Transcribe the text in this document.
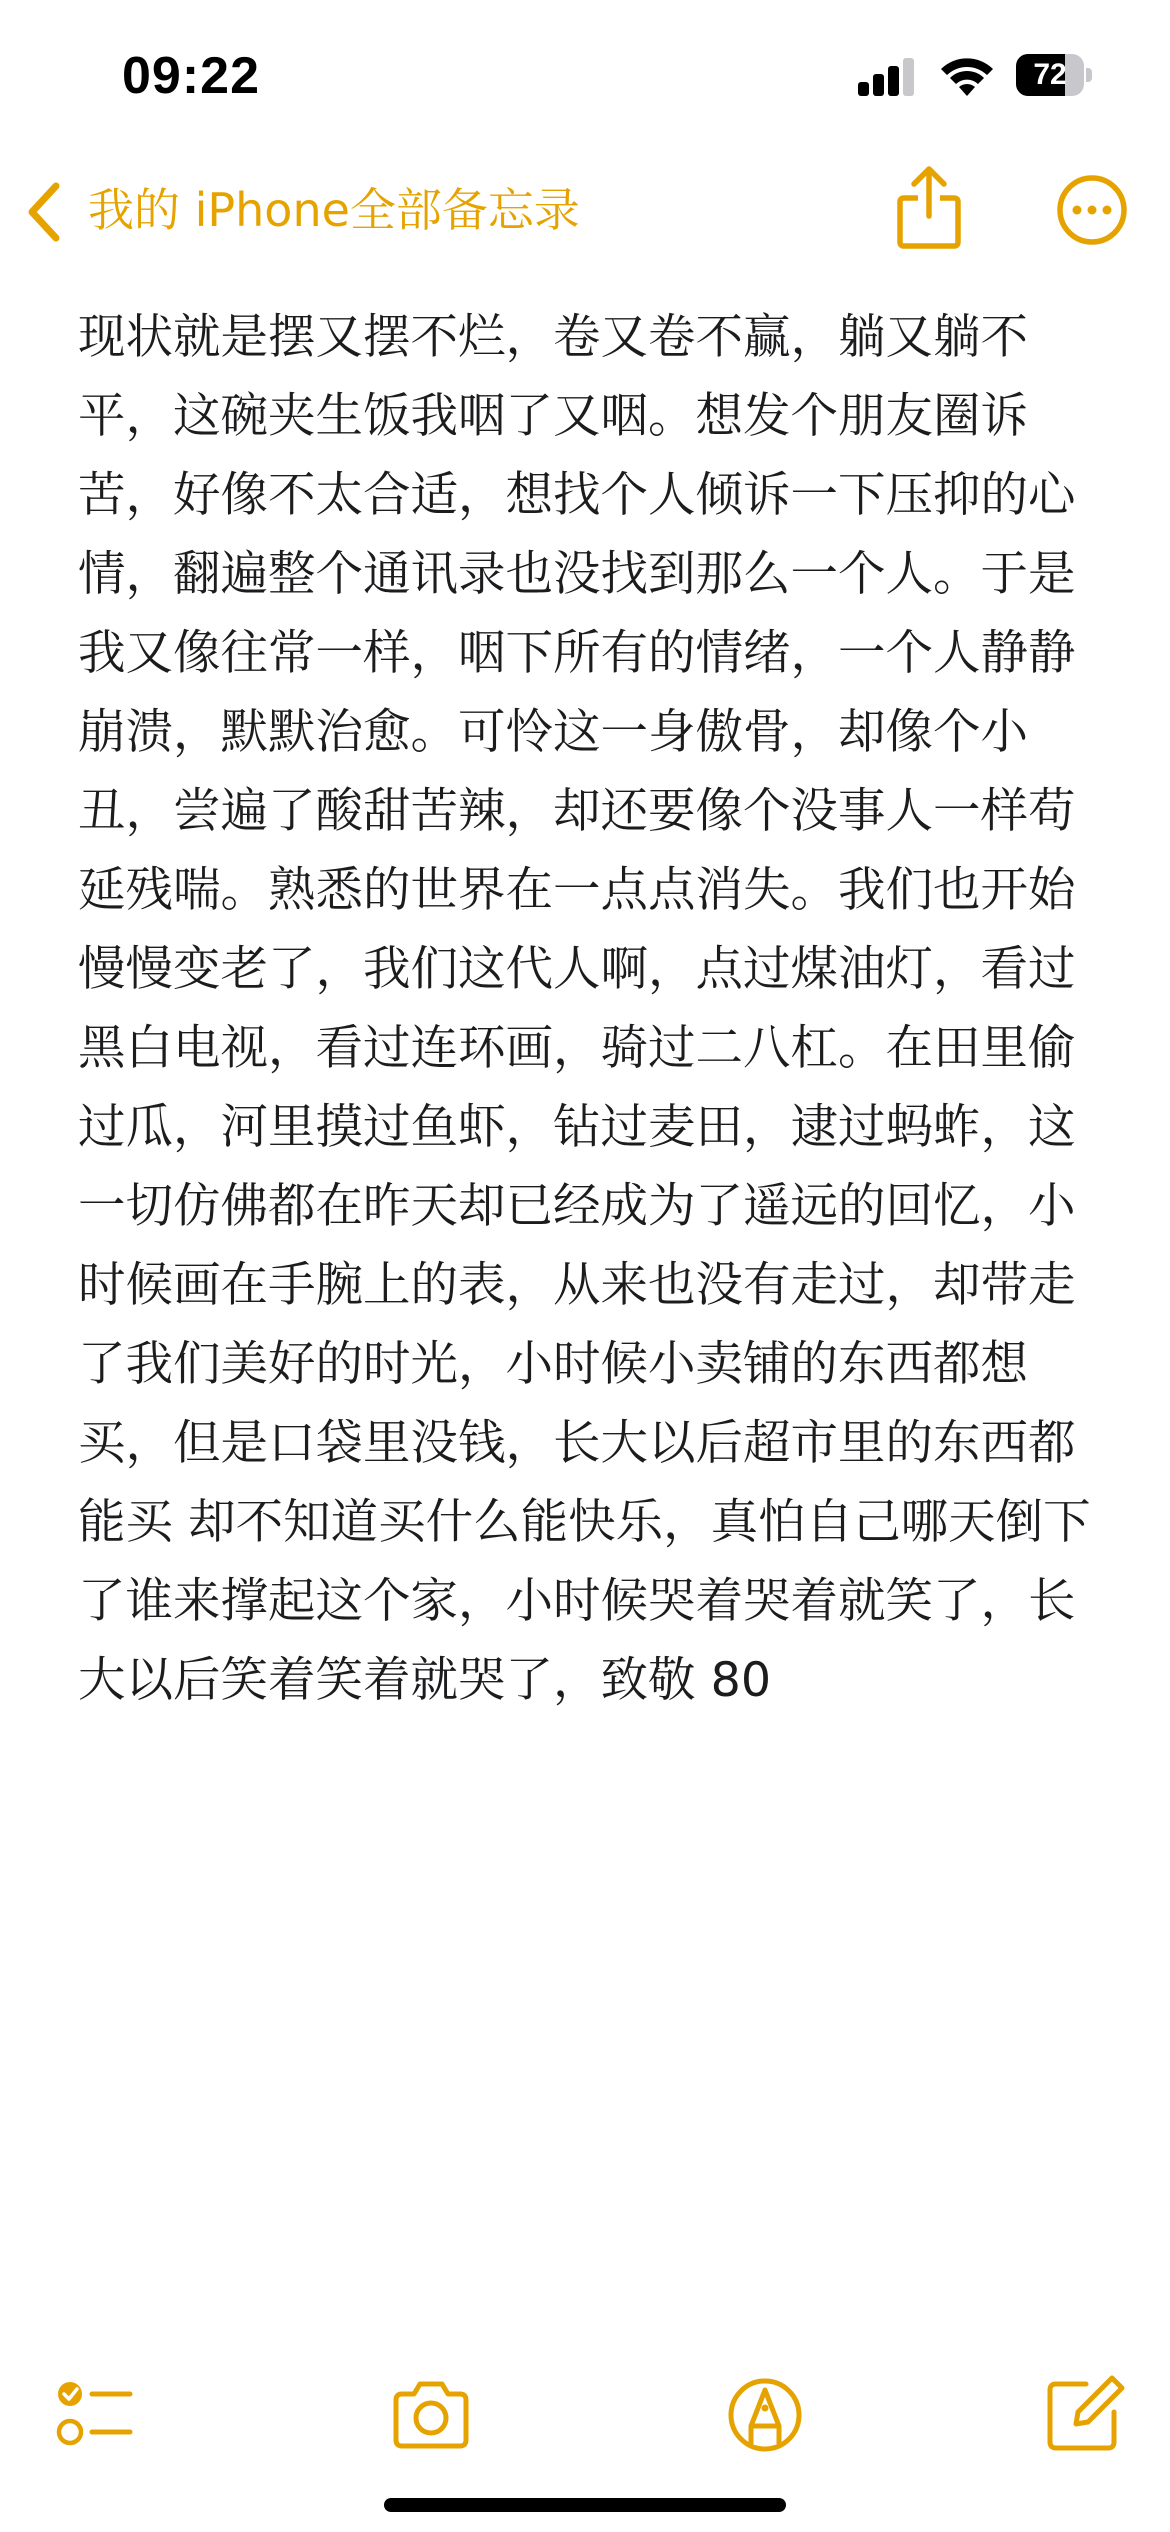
09:22	72
我的 iPhone全部备忘录
现状就是摆又摆不烂，卷又卷不赢，躺又躺不平，这碗夹生饭我咽了又咽。想发个朋友圈诉苦，好像不太合适，想找个人倾诉一下压抑的心情，翻遍整个通讯录也没找到那么一个人。于是我又像往常一样，咽下所有的情绪，一个人静静崩溃，默默治愈。可怜这一身傲骨，却像个小丑，尝遍了酸甜苦辣，却还要像个没事人一样苟延残喘。熟悉的世界在一点点消失。我们也开始慢慢变老了，我们这代人啊，点过煤油灯，看过黑白电视，看过连环画，骑过二八杠。在田里偷过瓜，河里摸过鱼虾，钻过麦田，逮过蚂蚱，这一切仿佛都在昨天却已经成为了遥远的回忆，小时候画在手腕上的表，从来也没有走过，却带走了我们美好的时光，小时候小卖铺的东西都想买，但是口袋里没钱，长大以后超市里的东西都能买 却不知道买什么能快乐，真怕自己哪天倒下了谁来撑起这个家，小时候哭着哭着就笑了，长大以后笑着笑着就哭了，致敬 80
